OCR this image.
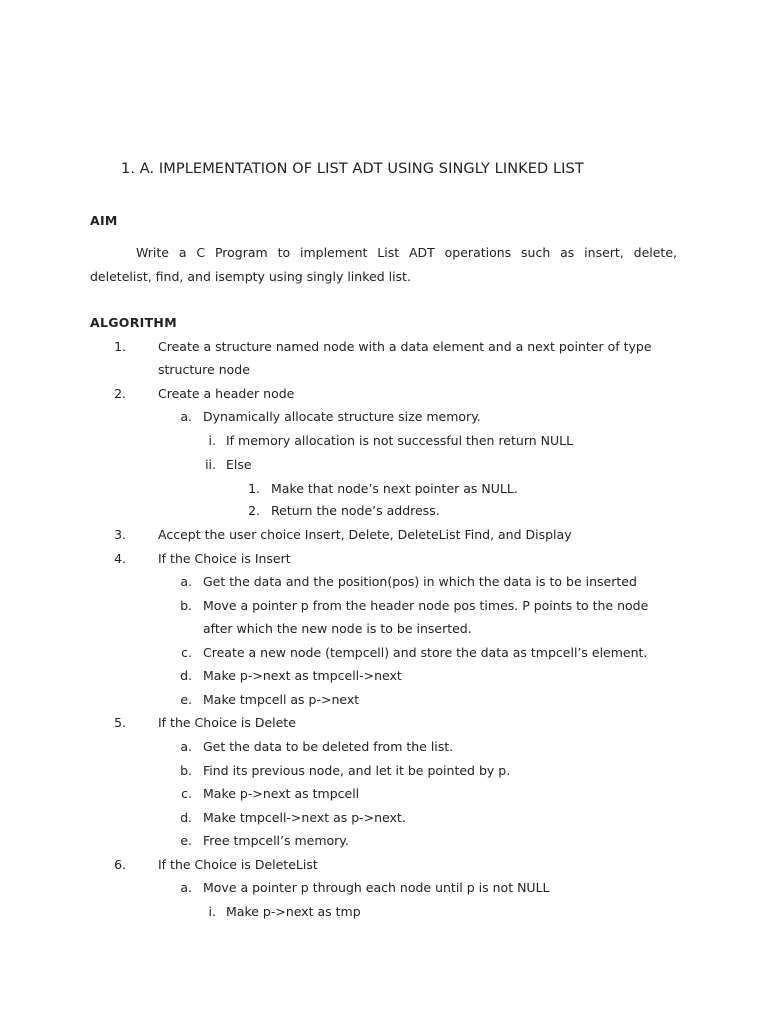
1. A. IMPLEMENTATION OF LIST ADT USING SINGLY LINKED LIST
AIM
Write a C Program to implement List ADT operations such as insert, delete,
deletelist, find, and isempty using singly linked list.
ALGORITHM
1.	Create a structure named node with a data element and a next pointer of type
structure node
2.	Create a header node
a. Dynamically allocate structure size memory.
i. If memory allocation is not successful then return NULL
ii. Else
1. Make that node’s next pointer as NULL.
2. Return the node’s address.
3.	Accept the user choice Insert, Delete, DeleteList Find, and Display
4.	If the Choice is Insert
a. Get the data and the position(pos) in which the data is to be inserted
b. Move a pointer p from the header node pos times. P points to the node
after which the new node is to be inserted.
c. Create a new node (tempcell) and store the data as tmpcell’s element.
d. Make p->next as tmpcell->next
e. Make tmpcell as p->next
5.	If the Choice is Delete
a. Get the data to be deleted from the list.
b. Find its previous node, and let it be pointed by p.
c. Make p->next as tmpcell
d. Make tmpcell->next as p->next.
e. Free tmpcell’s memory.
6.	If the Choice is DeleteList
a. Move a pointer p through each node until p is not NULL
i. Make p->next as tmp
